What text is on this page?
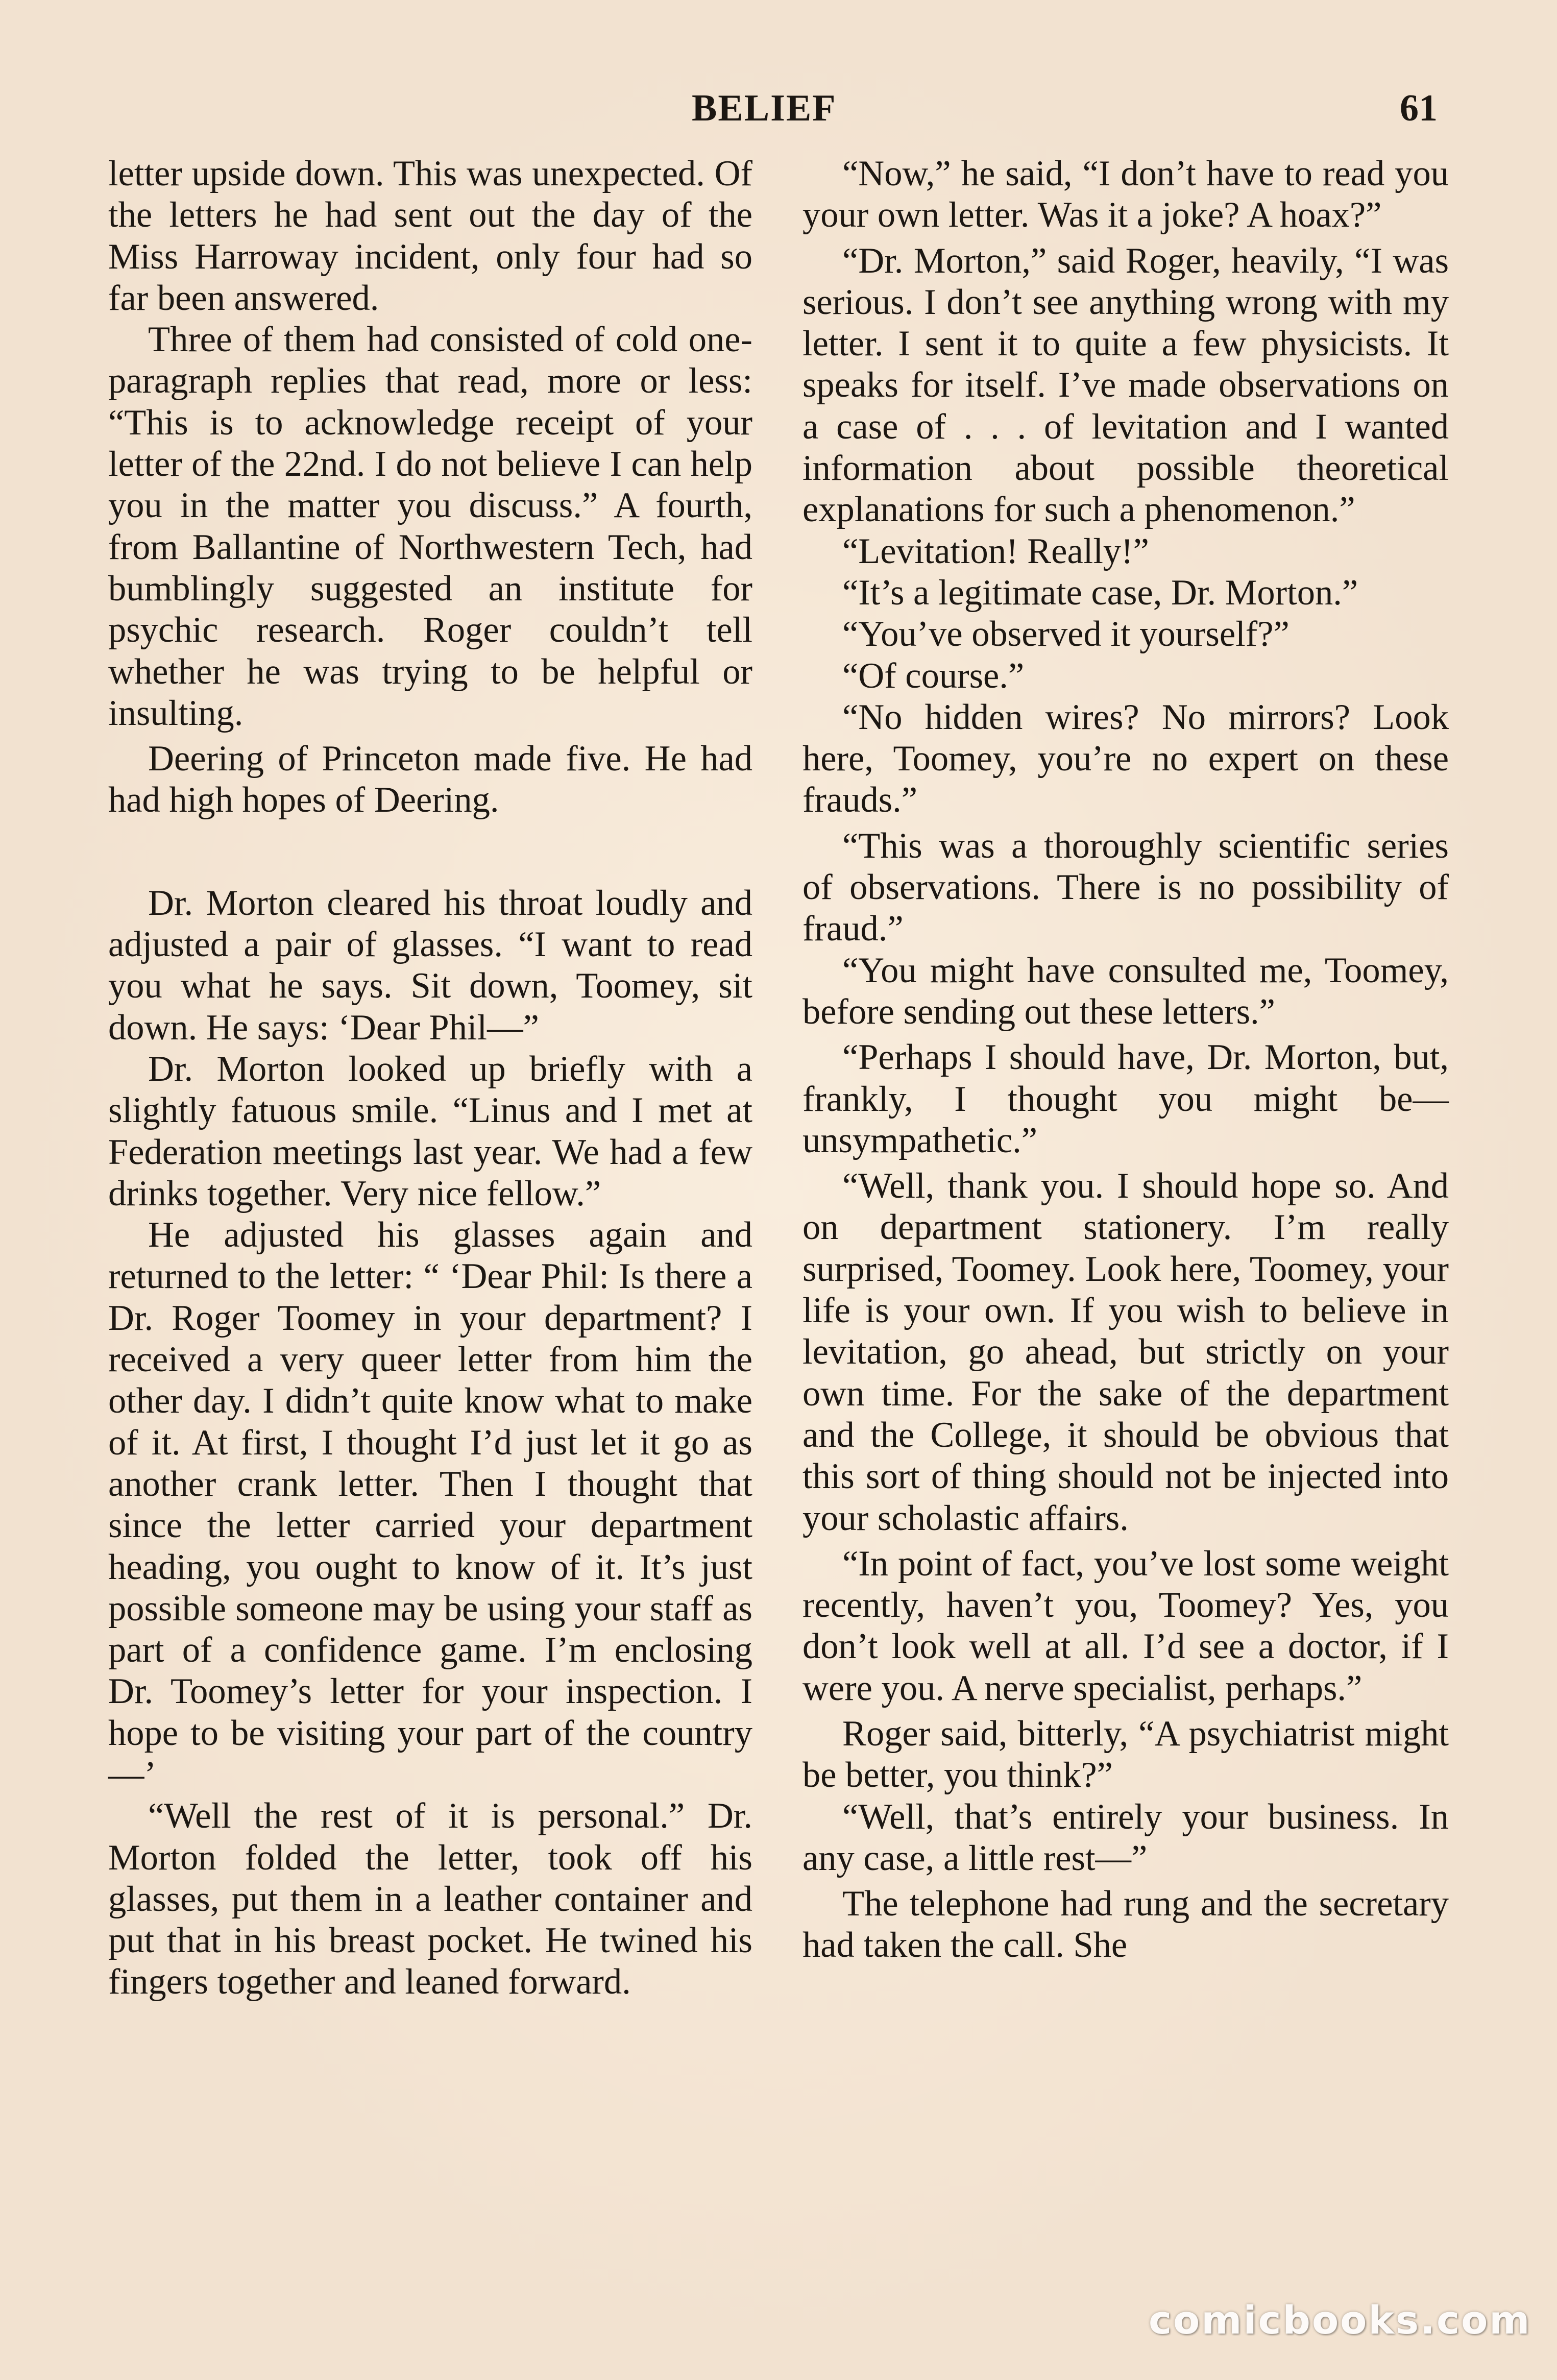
BELIEF	61

letter upside down. This was unexpected. Of the letters he had sent out the day of the Miss Harroway incident, only four had so far been answered.

Three of them had consisted of cold one-paragraph replies that read, more or less: “This is to acknowledge receipt of your letter of the 22nd. I do not believe I can help you in the matter you discuss.” A fourth, from Ballantine of Northwestern Tech, had bumblingly suggested an institute for psychic research. Roger couldn’t tell whether he was trying to be helpful or insulting.

Deering of Princeton made five. He had had high hopes of Deering.

Dr. Morton cleared his throat loudly and adjusted a pair of glasses. “I want to read you what he says. Sit down, Toomey, sit down. He says: ‘Dear Phil—”

Dr. Morton looked up briefly with a slightly fatuous smile. “Linus and I met at Federation meetings last year. We had a few drinks together. Very nice fellow.”

He adjusted his glasses again and returned to the letter: “ ‘Dear Phil: Is there a Dr. Roger Toomey in your department? I received a very queer letter from him the other day. I didn’t quite know what to make of it. At first, I thought I’d just let it go as another crank letter. Then I thought that since the letter carried your department heading, you ought to know of it. It’s just possible someone may be using your staff as part of a confidence game. I’m enclosing Dr. Toomey’s letter for your inspection. I hope to be visiting your part of the country—’

“Well the rest of it is personal.” Dr. Morton folded the letter, took off his glasses, put them in a leather container and put that in his breast pocket. He twined his fingers together and leaned forward.

“Now,” he said, “I don’t have to read you your own letter. Was it a joke? A hoax?”

“Dr. Morton,” said Roger, heavily, “I was serious. I don’t see anything wrong with my letter. I sent it to quite a few physicists. It speaks for itself. I’ve made observations on a case of . . . of levitation and I wanted information about possible theoretical explanations for such a phenomenon.”

“Levitation! Really!”

“It’s a legitimate case, Dr. Morton.”

“You’ve observed it yourself?”

“Of course.”

“No hidden wires? No mirrors? Look here, Toomey, you’re no expert on these frauds.”

“This was a thoroughly scientific series of observations. There is no possibility of fraud.”

“You might have consulted me, Toomey, before sending out these letters.”

“Perhaps I should have, Dr. Morton, but, frankly, I thought you might be—unsympathetic.”

“Well, thank you. I should hope so. And on department stationery. I’m really surprised, Toomey. Look here, Toomey, your life is your own. If you wish to believe in levitation, go ahead, but strictly on your own time. For the sake of the department and the College, it should be obvious that this sort of thing should not be injected into your scholastic affairs.

“In point of fact, you’ve lost some weight recently, haven’t you, Toomey? Yes, you don’t look well at all. I’d see a doctor, if I were you. A nerve specialist, perhaps.”

Roger said, bitterly, “A psychiatrist might be better, you think?”

“Well, that’s entirely your business. In any case, a little rest—”

The telephone had rung and the secretary had taken the call. She

comicbooks.com
